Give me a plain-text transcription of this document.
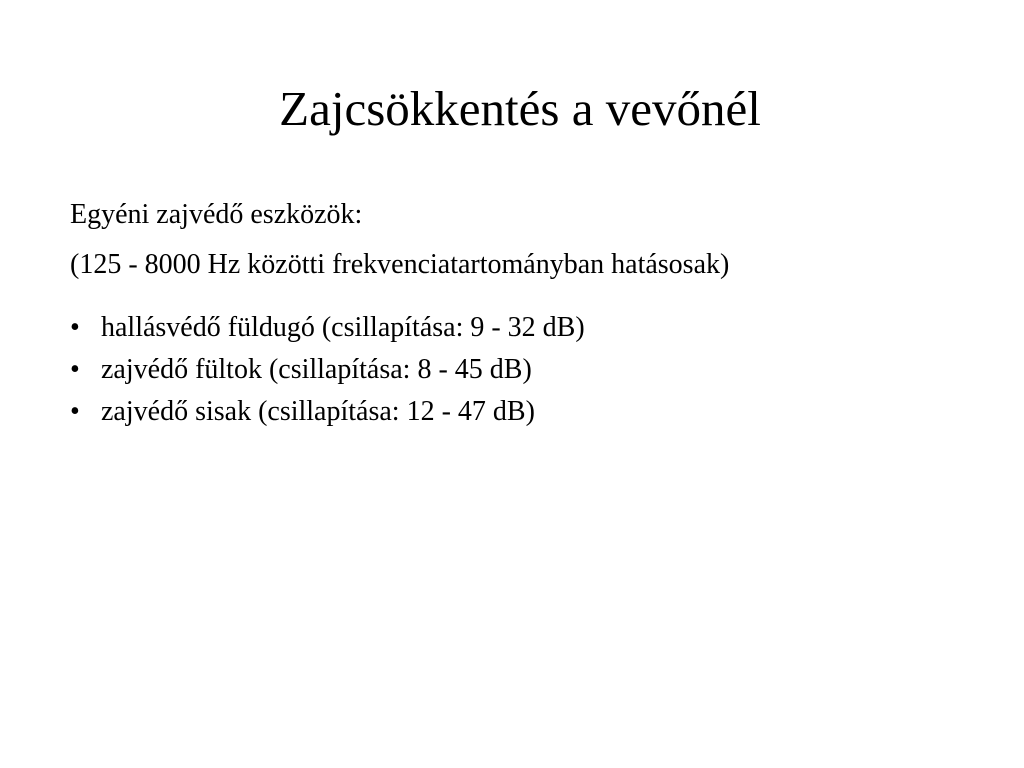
Zajcsökkentés a vevőnél
Egyéni zajvédő eszközök:
(125 - 8000 Hz közötti frekvenciatartományban hatásosak)
• hallásvédő füldugó (csillapítása: 9 - 32 dB)
• zajvédő fültok (csillapítása: 8 - 45 dB)
• zajvédő sisak (csillapítása: 12 - 47 dB)
